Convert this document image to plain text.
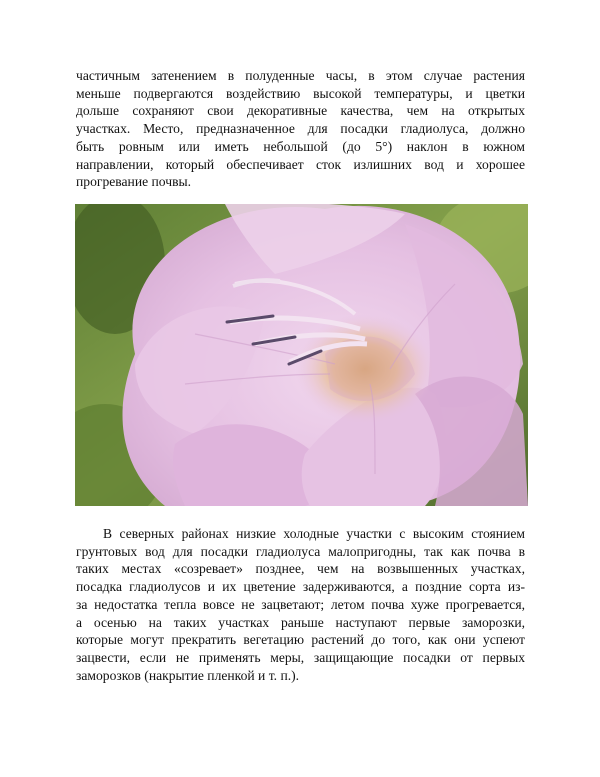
частичным затенением в полуденные часы, в этом случае растения
меньше подвергаются воздействию высокой температуры, и цветки
дольше сохраняют свои декоративные качества, чем на открытых
участках. Место, предназначенное для посадки гладиолуса, должно
быть ровным или иметь небольшой (до 5°) наклон в южном
направлении, который обеспечивает сток излишних вод и хорошее
прогревание почвы.

В северных районах низкие холодные участки с высоким стоянием
грунтовых вод для посадки гладиолуса малопригодны, так как почва в
таких местах «созревает» позднее, чем на возвышенных участках,
посадка гладиолусов и их цветение задерживаются, а поздние сорта из-
за недостатка тепла вовсе не зацветают; летом почва хуже прогревается,
а осенью на таких участках раньше наступают первые заморозки,
которые могут прекратить вегетацию растений до того, как они успеют
зацвести, если не применять меры, защищающие посадки от первых
заморозков (накрытие пленкой и т. п.).
